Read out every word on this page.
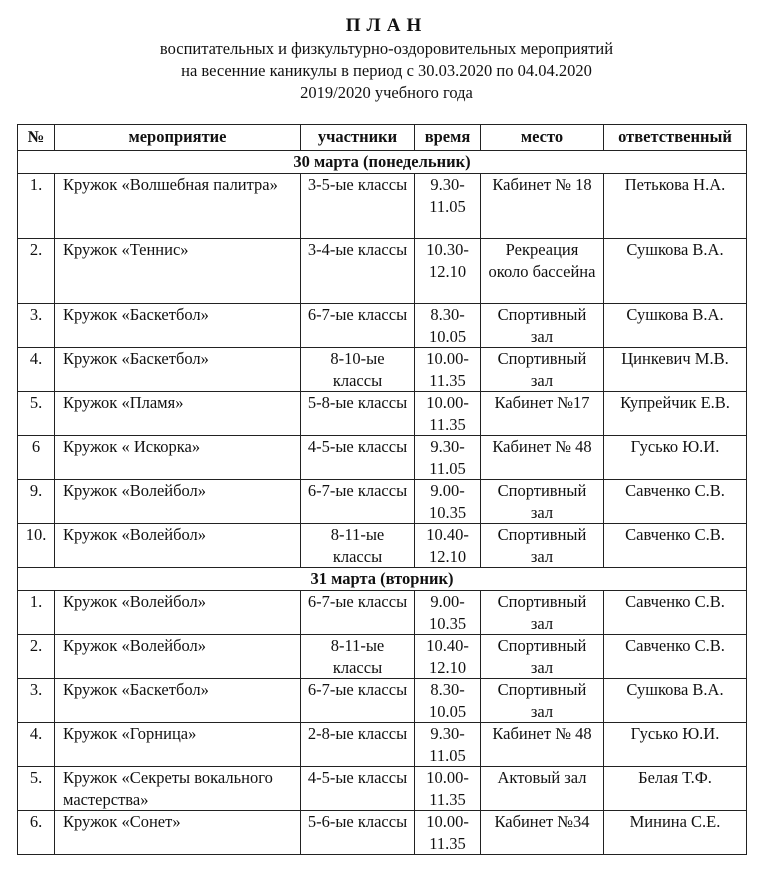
ПЛАН
воспитательных и физкультурно-оздоровительных мероприятий
на весенние каникулы в период с 30.03.2020 по 04.04.2020
2019/2020 учебного года
№	мероприятие	участники	время	место	ответственный
30 марта (понедельник)					
1.	Кружок «Волшебная палитра»	3-5-ые классы	9.30-11.05	Кабинет № 18	Петькова Н.А.
2.	Кружок «Теннис»	3-4-ые классы	10.30-12.10	Рекреация около бассейна	Сушкова В.А.
3.	Кружок «Баскетбол»	6-7-ые классы	8.30-10.05	Спортивный зал	Сушкова В.А.
4.	Кружок «Баскетбол»	8-10-ые классы	10.00-11.35	Спортивный зал	Цинкевич М.В.
5.	Кружок «Пламя»	5-8-ые классы	10.00-11.35	Кабинет №17	Купрейчик Е.В.
6	Кружок « Искорка»	4-5-ые классы	9.30-11.05	Кабинет № 48	Гусько Ю.И.
9.	Кружок «Волейбол»	6-7-ые классы	9.00-10.35	Спортивный зал	Савченко С.В.
10.	Кружок «Волейбол»	8-11-ые классы	10.40-12.10	Спортивный зал	Савченко С.В.
31 марта (вторник)					
1.	Кружок «Волейбол»	6-7-ые классы	9.00-10.35	Спортивный зал	Савченко С.В.
2.	Кружок «Волейбол»	8-11-ые классы	10.40-12.10	Спортивный зал	Савченко С.В.
3.	Кружок «Баскетбол»	6-7-ые классы	8.30-10.05	Спортивный зал	Сушкова В.А.
4.	Кружок «Горница»	2-8-ые классы	9.30-11.05	Кабинет № 48	Гусько Ю.И.
5.	Кружок «Секреты вокального мастерства»	4-5-ые классы	10.00-11.35	Актовый зал	Белая Т.Ф.
6.	Кружок «Сонет»	5-6-ые классы	10.00-11.35	Кабинет №34	Минина С.Е.
